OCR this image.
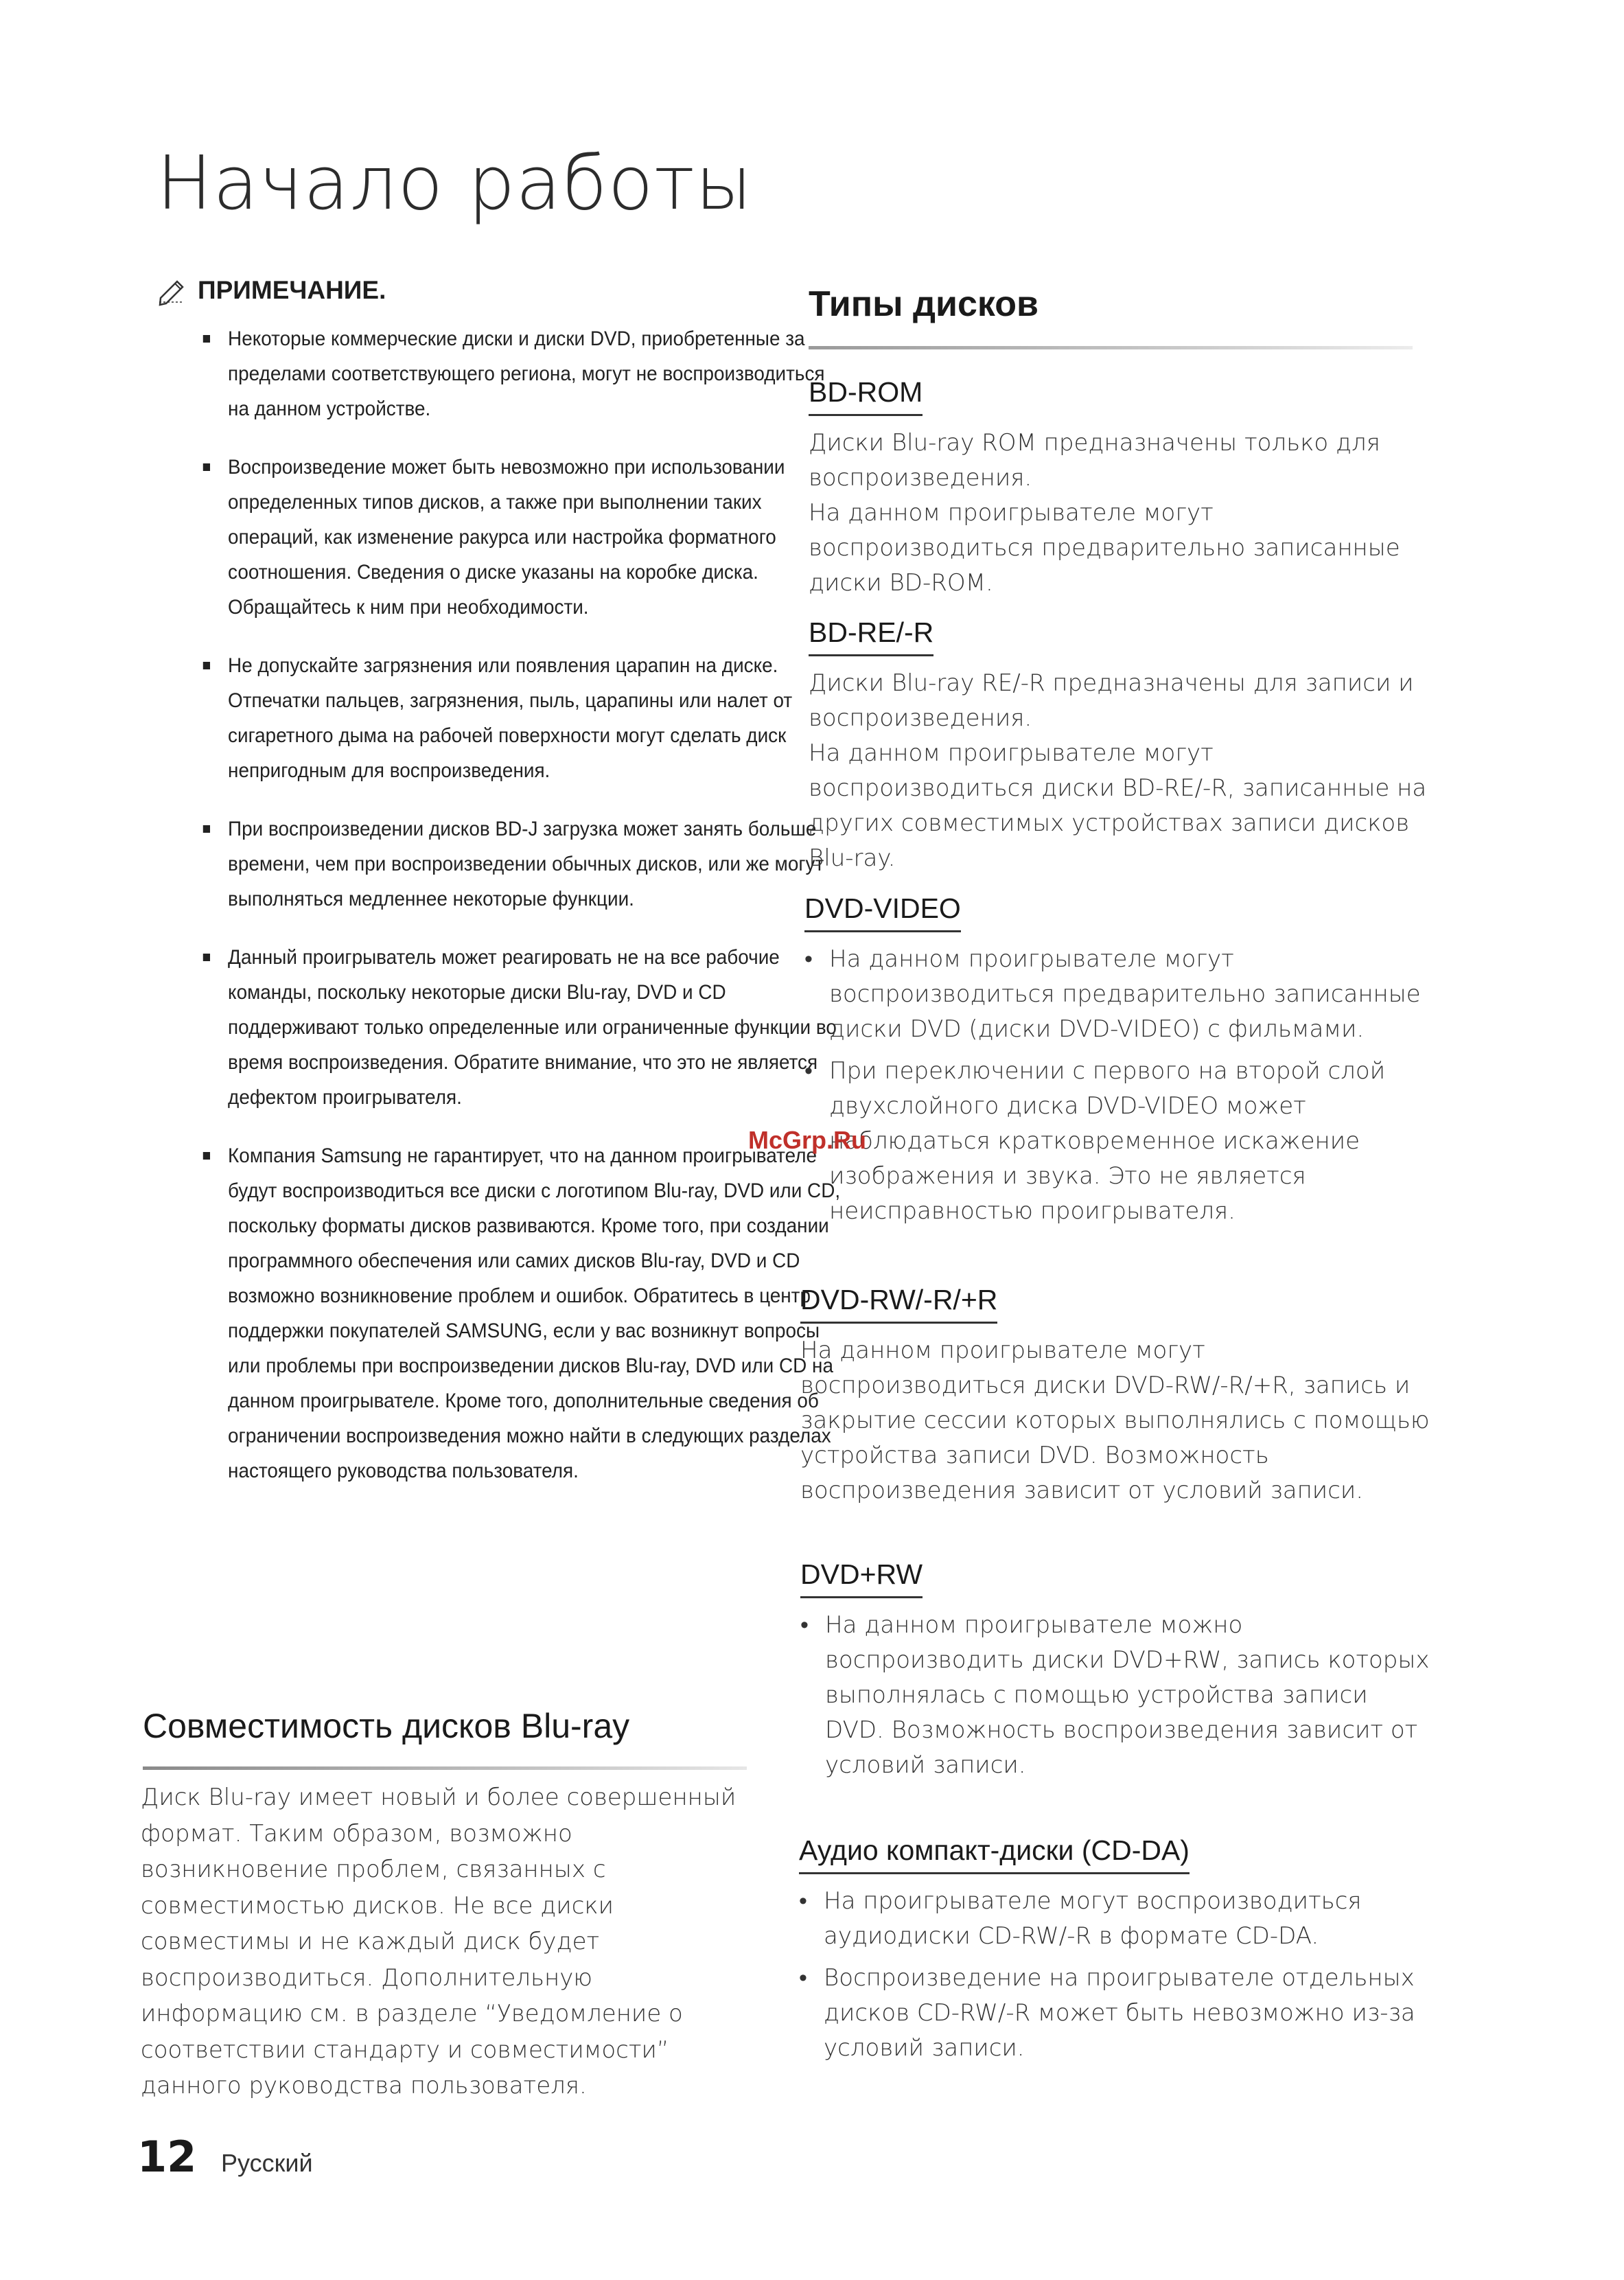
Начало работы
ПРИМЕЧАНИЕ.
Некоторые коммерческие диски и диски DVD, приобретенные за пределами соответствующего региона, могут не воспроизводиться на данном устройстве.
Воспроизведение может быть невозможно при использовании определенных типов дисков, а также при выполнении таких операций, как изменение ракурса или настройка форматного соотношения. Сведения о диске указаны на коробке диска. Обращайтесь к ним при необходимости.
Не допускайте загрязнения или появления царапин на диске. Отпечатки пальцев, загрязнения, пыль, царапины или налет от сигаретного дыма на рабочей поверхности могут сделать диск непригодным для воспроизведения.
При воспроизведении дисков BD-J загрузка может занять больше времени, чем при воспроизведении обычных дисков, или же могут выполняться медленнее некоторые функции.
Данный проигрыватель может реагировать не на все рабочие команды, поскольку некоторые диски Blu-ray, DVD и CD поддерживают только определенные или ограниченные функции во время воспроизведения. Обратите внимание, что это не является дефектом проигрывателя.
Компания Samsung не гарантирует, что на данном проигрывателе будут воспроизводиться все диски с логотипом Blu-ray, DVD или CD, поскольку форматы дисков развиваются. Кроме того, при создании программного обеспечения или самих дисков Blu-ray, DVD и CD возможно возникновение проблем и ошибок. Обратитесь в центр поддержки покупателей SAMSUNG, если у вас возникнут вопросы или проблемы при воспроизведении дисков Blu-ray, DVD или CD на данном проигрывателе. Кроме того, дополнительные сведения об ограничении воспроизведения можно найти в следующих разделах настоящего руководства пользователя.
Совместимость дисков Blu-ray
Диск Blu-ray имеет новый и более совершенный формат. Таким образом, возможно возникновение проблем, связанных с совместимостью дисков. Не все диски совместимы и не каждый диск будет воспроизводиться. Дополнительную информацию см. в разделе “Уведомление о соответствии стандарту и совместимости” данного руководства пользователя.
12 Русский
Типы дисков
BD-ROM
Диски Blu-ray ROM предназначены только для воспроизведения.
На данном проигрывателе могут воспроизводиться предварительно записанные диски BD-ROM.
BD-RE/-R
Диски Blu-ray RE/-R предназначены для записи и воспроизведения.
На данном проигрывателе могут воспроизводиться диски BD-RE/-R, записанные на других совместимых устройствах записи дисков Blu-ray.
DVD-VIDEO
• На данном проигрывателе могут воспроизводиться предварительно записанные диски DVD (диски DVD-VIDEO) с фильмами.
• При переключении с первого на второй слой двухслойного диска DVD-VIDEO может наблюдаться кратковременное искажение изображения и звука. Это не является неисправностью проигрывателя.
DVD-RW/-R/+R
На данном проигрывателе могут воспроизводиться диски DVD-RW/-R/+R, запись и закрытие сессии которых выполнялись с помощью устройства записи DVD. Возможность воспроизведения зависит от условий записи.
DVD+RW
• На данном проигрывателе можно воспроизводить диски DVD+RW, запись которых выполнялась с помощью устройства записи DVD. Возможность воспроизведения зависит от условий записи.
Аудио компакт-диски (CD-DA)
• На проигрывателе могут воспроизводиться аудиодиски CD-RW/-R в формате CD-DA.
• Воспроизведение на проигрывателе отдельных дисков CD-RW/-R может быть невозможно из-за условий записи.
McGrp.Ru
